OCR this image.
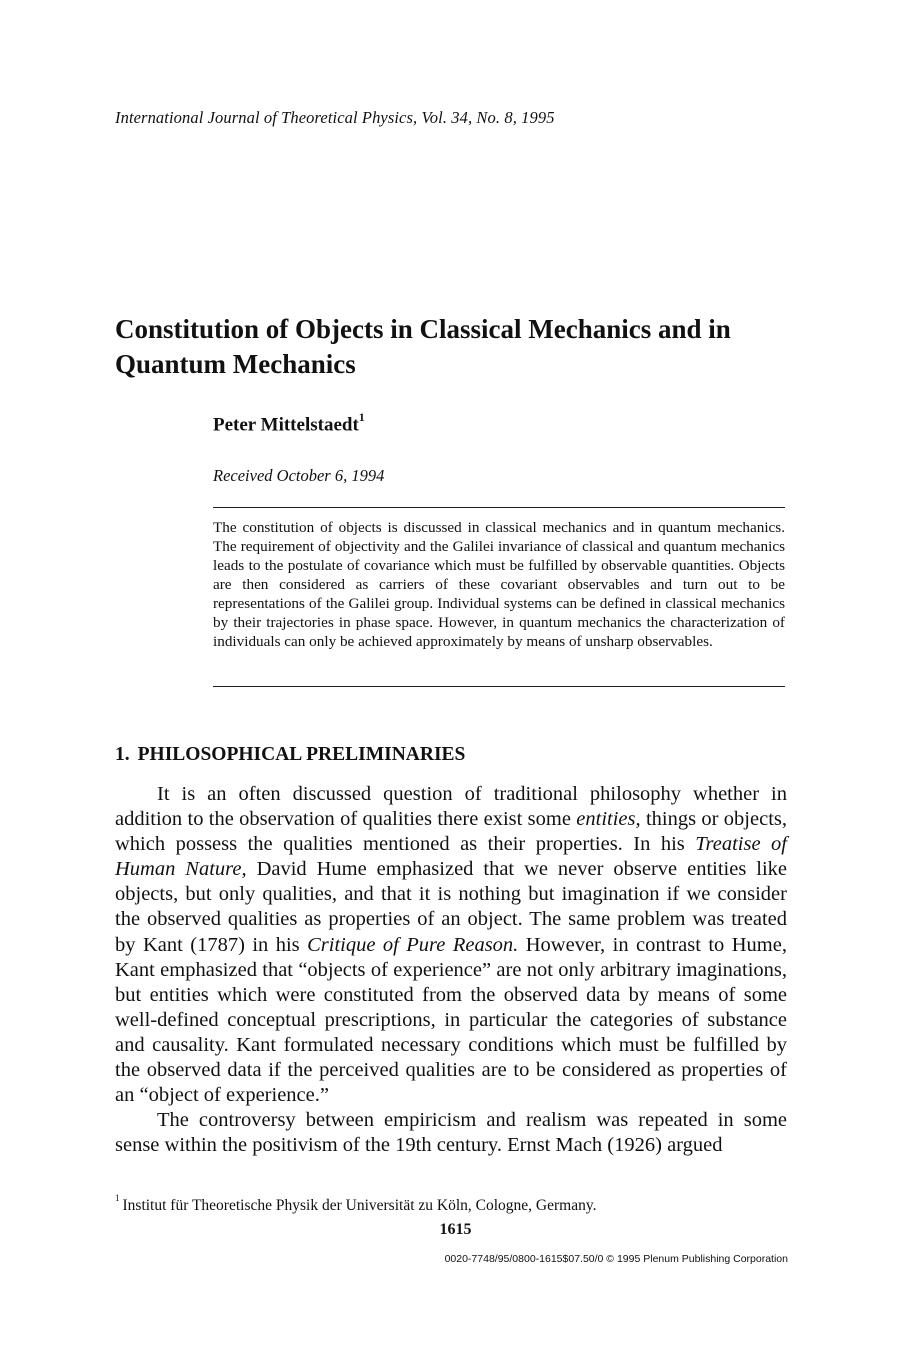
International Journal of Theoretical Physics, Vol. 34, No. 8, 1995
Constitution of Objects in Classical Mechanics and in Quantum Mechanics
Peter Mittelstaedt$^1$
Received October 6, 1994

The constitution of objects is discussed in classical mechanics and in quantum mechanics. The requirement of objectivity and the Galilei invariance of classical and quantum mechanics leads to the postulate of covariance which must be fulfilled by observable quantities. Objects are then considered as carriers of these covariant observables and turn out to be representations of the Galilei group. Individual systems can be defined in classical mechanics by their trajectories in phase space. However, in quantum mechanics the characterization of individuals can only be achieved approximately by means of unsharp observables.

1. PHILOSOPHICAL PRELIMINARIES

It is an often discussed question of traditional philosophy whether in addition to the observation of qualities there exist some entities, things or objects, which possess the qualities mentioned as their properties. In his Treatise of Human Nature, David Hume emphasized that we never observe entities like objects, but only qualities, and that it is nothing but imagination if we consider the observed qualities as properties of an object. The same problem was treated by Kant (1787) in his Critique of Pure Reason. However, in contrast to Hume, Kant emphasized that “objects of experience” are not only arbitrary imaginations, but entities which were constituted from the observed data by means of some well-defined conceptual prescriptions, in particular the categories of substance and causality. Kant formulated necessary conditions which must be fulfilled by the observed data if the perceived qualities are to be considered as properties of an “object of experience.”

The controversy between empiricism and realism was repeated in some sense within the positivism of the 19th century. Ernst Mach (1926) argued

$^1$ Institut für Theoretische Physik der Universität zu Köln, Cologne, Germany.
1615
0020-7748/95/0800-1615$07.50/0 © 1995 Plenum Publishing Corporation
